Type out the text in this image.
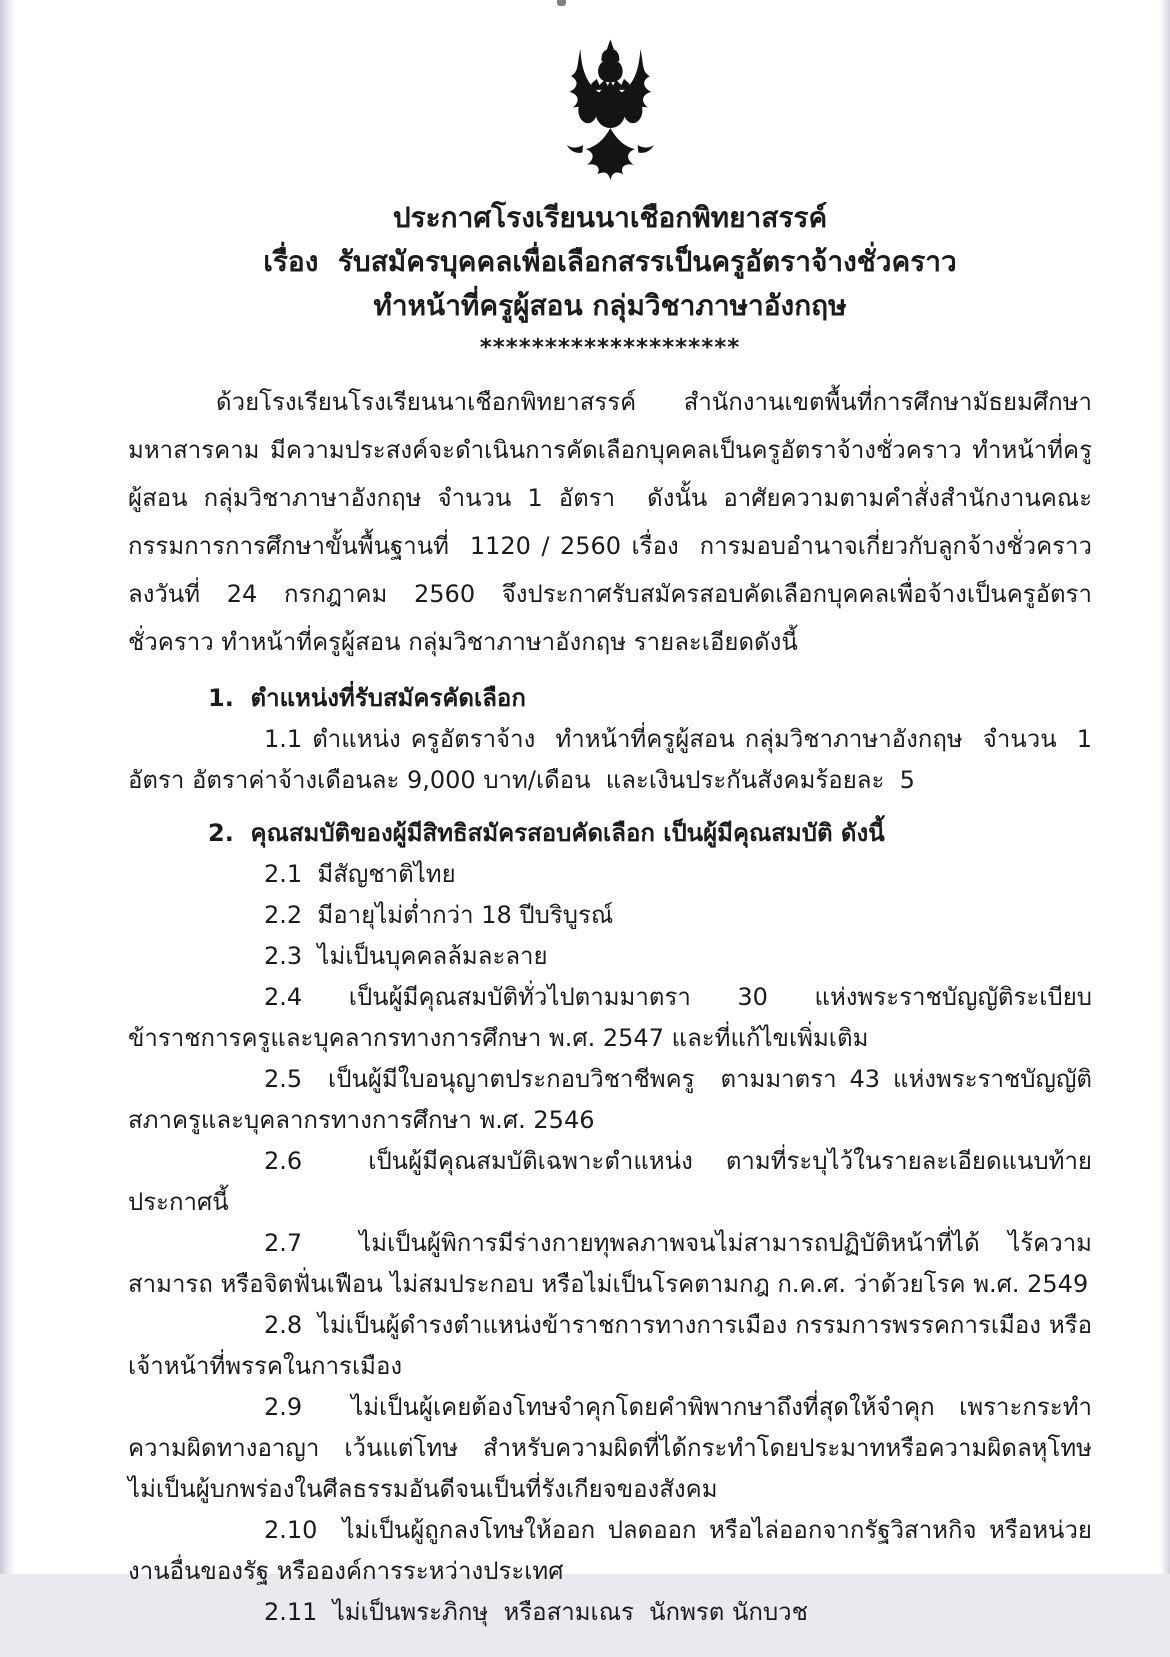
ประกาศโรงเรียนนาเชือกพิทยาสรรค์
เรื่อง  รับสมัครบุคคลเพื่อเลือกสรรเป็นครูอัตราจ้างชั่วคราว
ทำหน้าที่ครูผู้สอน กลุ่มวิชาภาษาอังกฤษ
********************

ด้วยโรงเรียนโรงเรียนนาเชือกพิทยาสรรค์  สำนักงานเขตพื้นที่การศึกษามัธยมศึกษามหาสารคาม มีความประสงค์จะดำเนินการคัดเลือกบุคคลเป็นครูอัตราจ้างชั่วคราว ทำหน้าที่ครูผู้สอน กลุ่มวิชาภาษาอังกฤษ จำนวน 1 อัตรา  ดังนั้น อาศัยความตามคำสั่งสำนักงานคณะกรรมการการศึกษาขั้นพื้นฐานที่  1120 / 2560 เรื่อง  การมอบอำนาจเกี่ยวกับลูกจ้างชั่วคราว  ลงวันที่ 24 กรกฎาคม 2560 จึงประกาศรับสมัครสอบคัดเลือกบุคคลเพื่อจ้างเป็นครูอัตราชั่วคราว ทำหน้าที่ครูผู้สอน กลุ่มวิชาภาษาอังกฤษ รายละเอียดดังนี้

1.  ตำแหน่งที่รับสมัครคัดเลือก

1.1 ตำแหน่ง ครูอัตราจ้าง  ทำหน้าที่ครูผู้สอน กลุ่มวิชาภาษาอังกฤษ  จำนวน  1 อัตรา อัตราค่าจ้างเดือนละ 9,000 บาท/เดือน  และเงินประกันสังคมร้อยละ  5

2.  คุณสมบัติของผู้มีสิทธิสมัครสอบคัดเลือก เป็นผู้มีคุณสมบัติ ดังนี้

2.1  มีสัญชาติไทย

2.2  มีอายุไม่ต่ำกว่า 18 ปีบริบูรณ์

2.3  ไม่เป็นบุคคลล้มละลาย

2.4  เป็นผู้มีคุณสมบัติทั่วไปตามมาตรา  30  แห่งพระราชบัญญัติระเบียบข้าราชการครูและบุคลากรทางการศึกษา พ.ศ. 2547 และที่แก้ไขเพิ่มเติม

2.5  เป็นผู้มีใบอนุญาตประกอบวิชาชีพครู  ตามมาตรา 43 แห่งพระราชบัญญัติสภาครูและบุคลากรทางการศึกษา พ.ศ. 2546

2.6  เป็นผู้มีคุณสมบัติเฉพาะตำแหน่ง ตามที่ระบุไว้ในรายละเอียดแนบท้ายประกาศนี้

2.7  ไม่เป็นผู้พิการมีร่างกายทุพลภาพจนไม่สามารถปฏิบัติหน้าที่ได้ ไร้ความสามารถ หรือจิตฟั่นเฟือน ไม่สมประกอบ หรือไม่เป็นโรคตามกฎ ก.ค.ศ. ว่าด้วยโรค พ.ศ. 2549

2.8  ไม่เป็นผู้ดำรงตำแหน่งข้าราชการทางการเมือง กรรมการพรรคการเมือง หรือเจ้าหน้าที่พรรคในการเมือง

2.9  ไม่เป็นผู้เคยต้องโทษจำคุกโดยคำพิพากษาถึงที่สุดให้จำคุก เพราะกระทำความผิดทางอาญา เว้นแต่โทษ สำหรับความผิดที่ได้กระทำโดยประมาทหรือความผิดลหุโทษ ไม่เป็นผู้บกพร่องในศีลธรรมอันดีจนเป็นที่รังเกียจของสังคม

2.10  ไม่เป็นผู้ถูกลงโทษให้ออก ปลดออก หรือไล่ออกจากรัฐวิสาหกิจ หรือหน่วยงานอื่นของรัฐ หรือองค์การระหว่างประเทศ

2.11  ไม่เป็นพระภิกษุ  หรือสามเณร  นักพรต นักบวช
